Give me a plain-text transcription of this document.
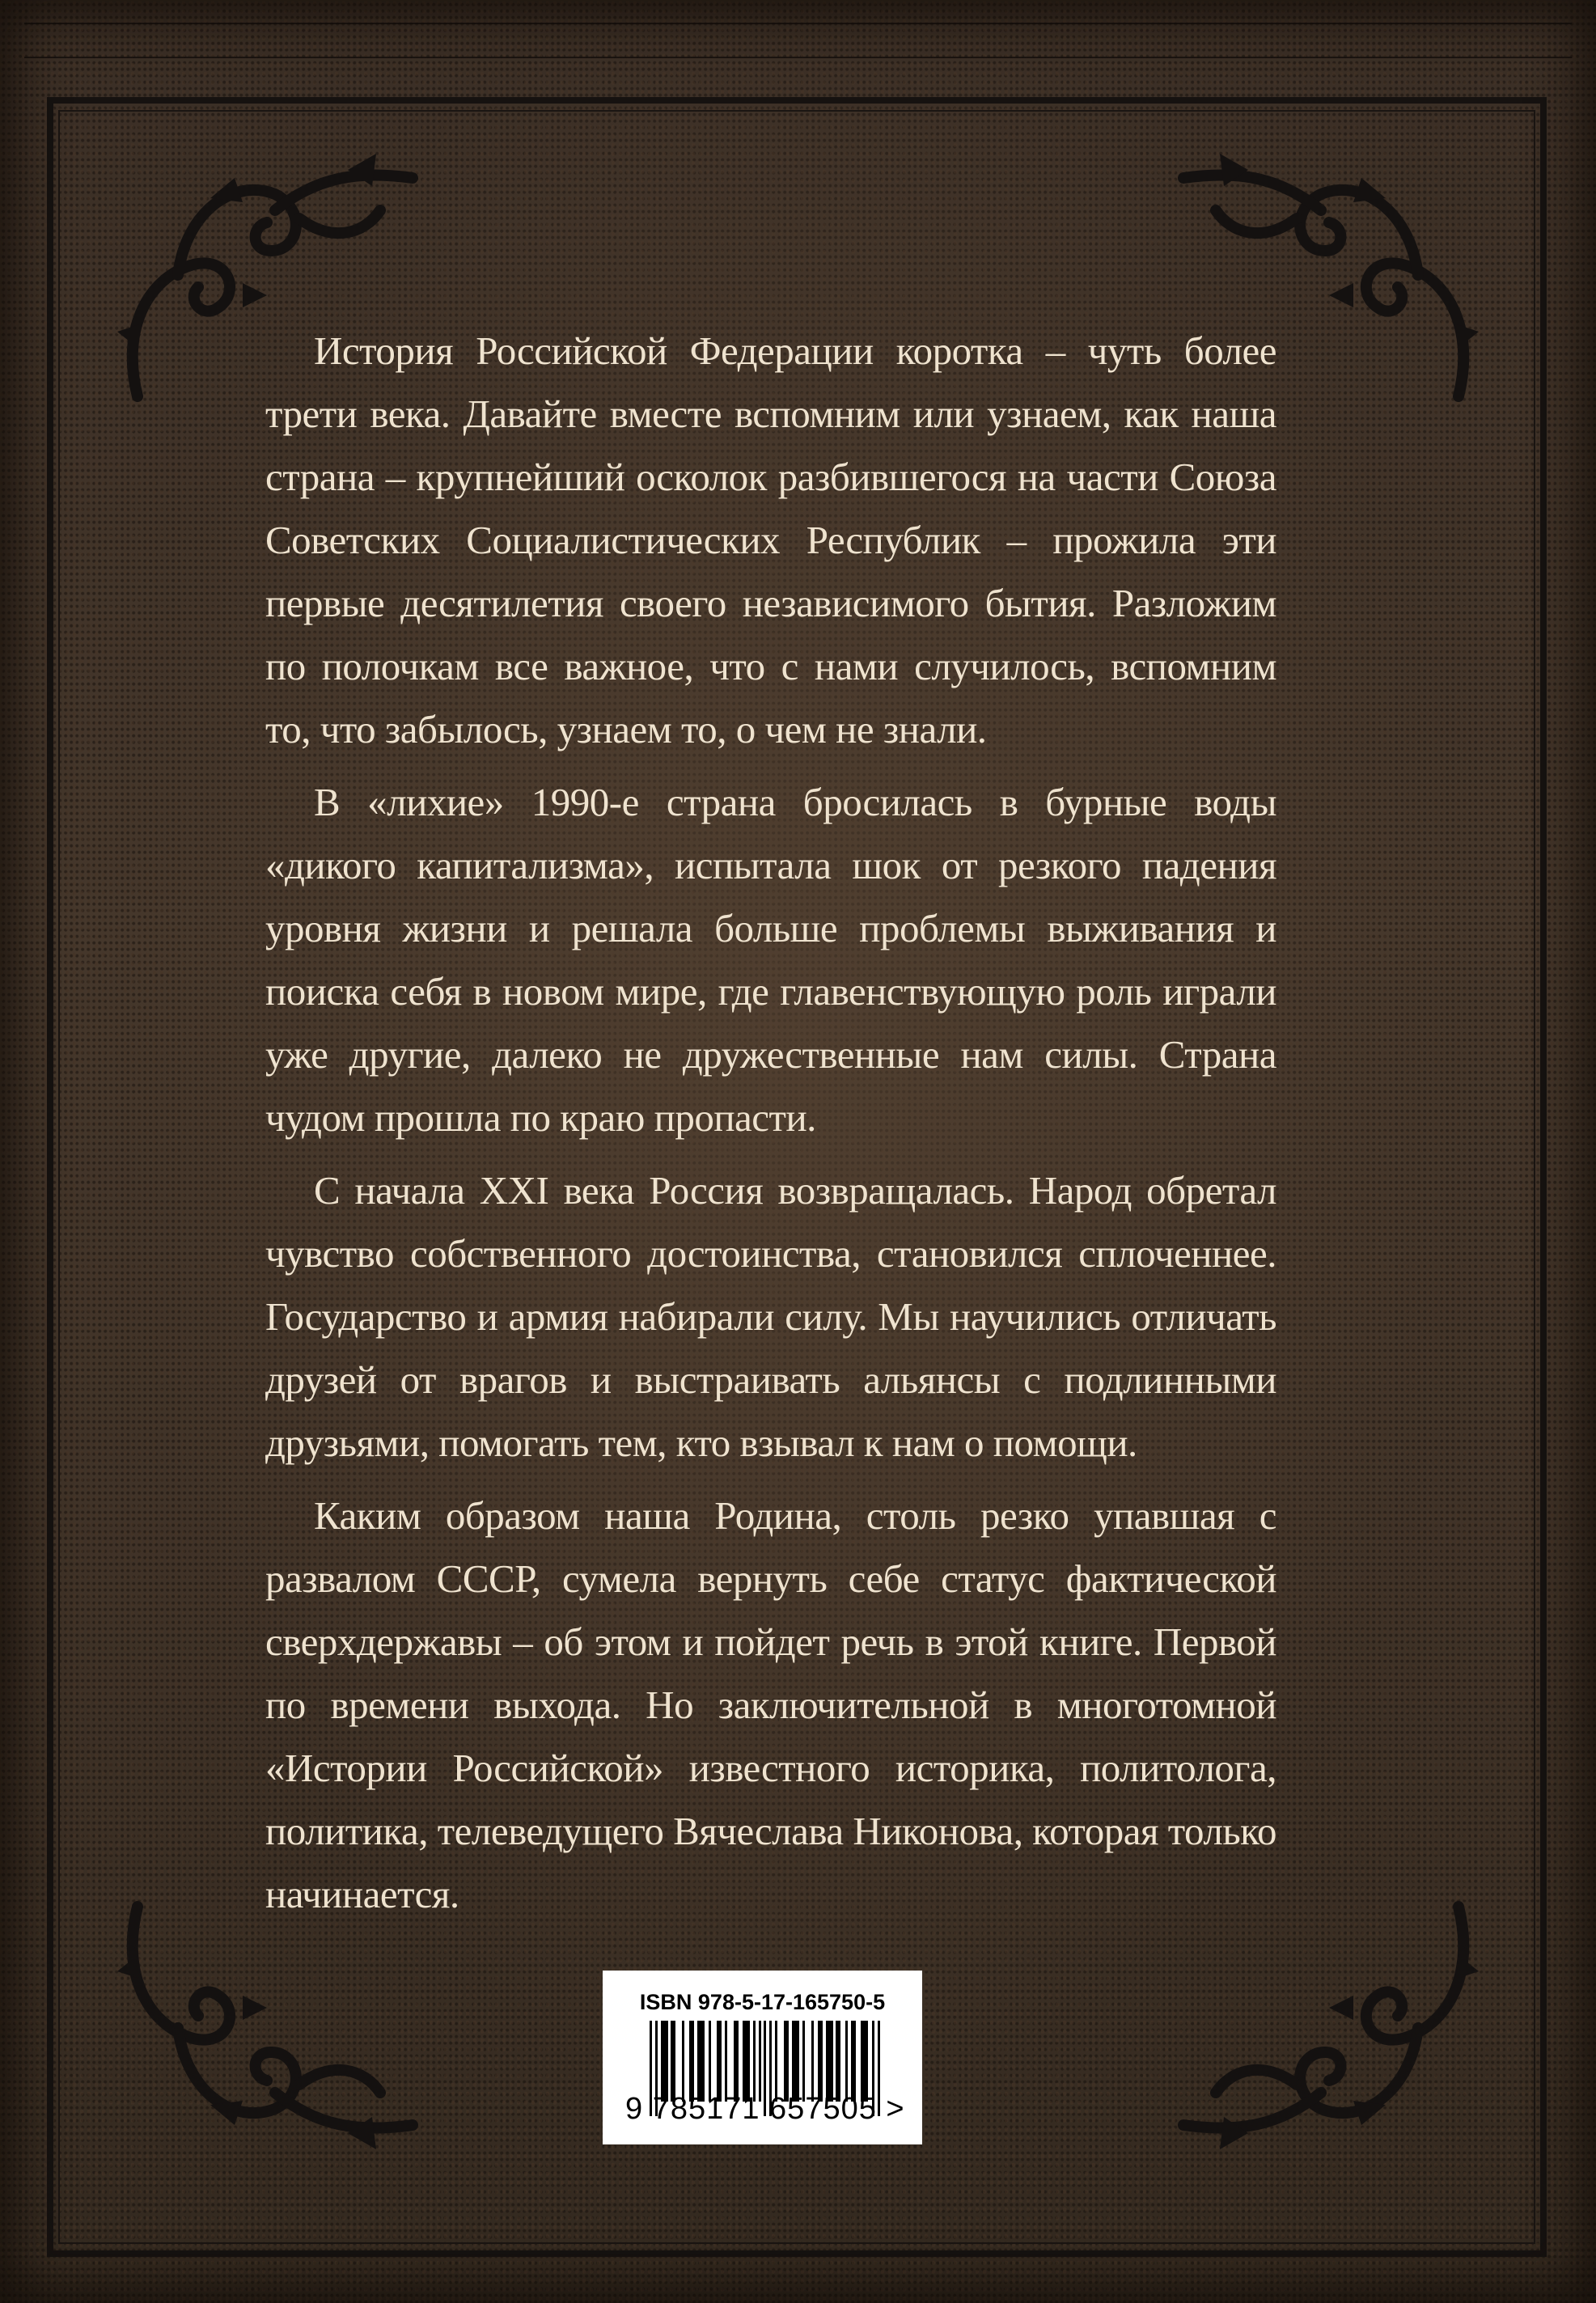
История Российской Федерации коротка – чуть более трети века. Давайте вместе вспомним или узнаем, как наша страна – крупнейший осколок разбившегося на части Союза Советских Социалистических Республик – прожила эти первые десятилетия своего независимого бытия. Разложим по полочкам все важное, что с нами случилось, вспомним то, что забылось, узнаем то, о чем не знали.

В «лихие» 1990-е страна бросилась в бурные воды «дикого капитализма», испытала шок от резкого падения уровня жизни и решала больше проблемы выживания и поиска себя в новом мире, где главенствующую роль играли уже другие, далеко не дружественные нам силы. Страна чудом прошла по краю пропасти.

С начала XXI века Россия возвращалась. Народ обретал чувство собственного достоинства, становился сплоченнее. Государство и армия набирали силу. Мы научились отличать друзей от врагов и выстраивать альянсы с подлинными друзьями, помогать тем, кто взывал к нам о помощи.

Каким образом наша Родина, столь резко упавшая с развалом СССР, сумела вернуть себе статус фактической сверхдержавы – об этом и пойдет речь в этой книге. Первой по времени выхода. Но заключительной в многотомной «Истории Российской» известного историка, политолога, политика, телеведущего Вячеслава Никонова, которая только начинается.

ISBN 978-5-17-165750-5
9 785171 657505 >
